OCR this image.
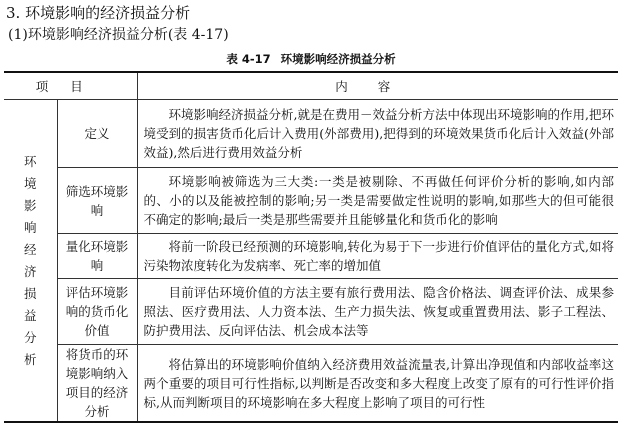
3. 环境影响的经济损益分析
(1)环境影响经济损益分析(表 4-17)
表 4-17 环境影响经济损益分析
项目		内容
环境影响经济损益分析	定义	环境影响经济损益分析,就是在费用－效益分析方法中体现出环境影响的作用,把环境受到的损害货币化后计入费用(外部费用),把得到的环境效果货币化后计入效益(外部效益),然后进行费用效益分析

	筛选环境影响	环境影响被筛选为三大类:一类是被剔除、不再做任何评价分析的影响,如内部的、小的以及能被控制的影响;另一类是需要做定性说明的影响,如那些大的但可能很不确定的影响;最后一类是那些需要并且能够量化和货币化的影响

	量化环境影响	将前一阶段已经预测的环境影响,转化为易于下一步进行价值评估的量化方式,如将污染物浓度转化为发病率、死亡率的增加值

	评估环境影响的货币化价值	目前评估环境价值的方法主要有旅行费用法、隐含价格法、调查评价法、成果参照法、医疗费用法、人力资本法、生产力损失法、恢复或重置费用法、影子工程法、防护费用法、反向评估法、机会成本法等

	将货币的环境影响纳入项目的经济分析	将估算出的环境影响价值纳入经济费用效益流量表,计算出净现值和内部收益率这两个重要的项目可行性指标,以判断是否改变和多大程度上改变了原有的可行性评价指标,从而判断项目的环境影响在多大程度上影响了项目的可行性
